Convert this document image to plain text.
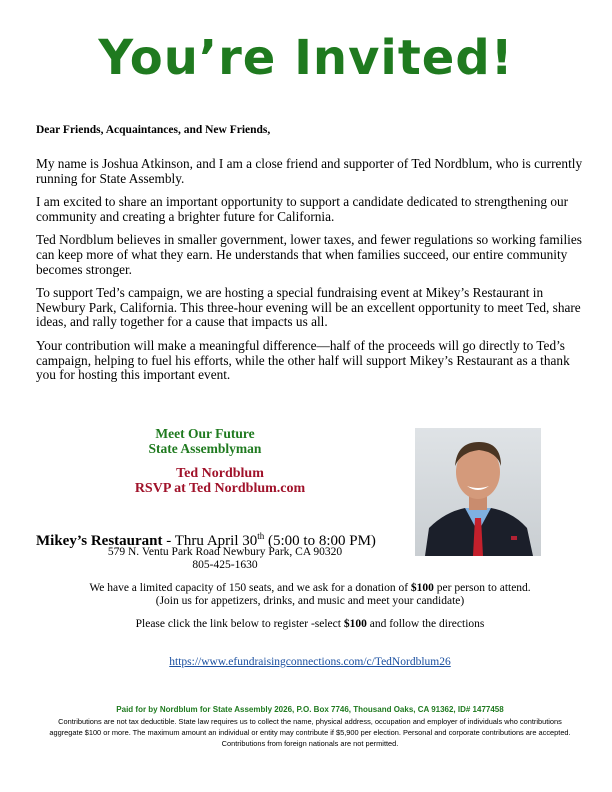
You’re Invited!
Dear Friends, Acquaintances, and New Friends,

My name is Joshua Atkinson, and I am a close friend and supporter of Ted Nordblum, who is currently running for State Assembly.

I am excited to share an important opportunity to support a candidate dedicated to strengthening our community and creating a brighter future for California.

Ted Nordblum believes in smaller government, lower taxes, and fewer regulations so working families can keep more of what they earn. He understands that when families succeed, our entire community becomes stronger.

To support Ted’s campaign, we are hosting a special fundraising event at Mikey’s Restaurant in Newbury Park, California. This three-hour evening will be an excellent opportunity to meet Ted, share ideas, and rally together for a cause that impacts us all.

Your contribution will make a meaningful difference—half of the proceeds will go directly to Ted’s campaign, helping to fuel his efforts, while the other half will support Mikey’s Restaurant as a thank you for hosting this important event.

Meet Our Future
State Assemblyman
Ted Nordblum
RSVP at Ted Nordblum.com
Mikey’s Restaurant - Thru April 30th (5:00 to 8:00 PM)
579 N. Ventu Park Road Newbury Park, CA 90320
805-425-1630
We have a limited capacity of 150 seats, and we ask for a donation of $100 per person to attend.
(Join us for appetizers, drinks, and music and meet your candidate)
Please click the link below to register -select $100 and follow the directions
https://www.efundraisingconnections.com/c/TedNordblum26
Paid for by Nordblum for State Assembly 2026, P.O. Box 7746, Thousand Oaks, CA 91362, ID# 1477458
Contributions are not tax deductible. State law requires us to collect the name, physical address, occupation and employer of individuals who contributions aggregate $100 or more. The maximum amount an individual or entity may contribute if $5,900 per election. Personal and corporate contributions are accepted. Contributions from foreign nationals are not permitted.
